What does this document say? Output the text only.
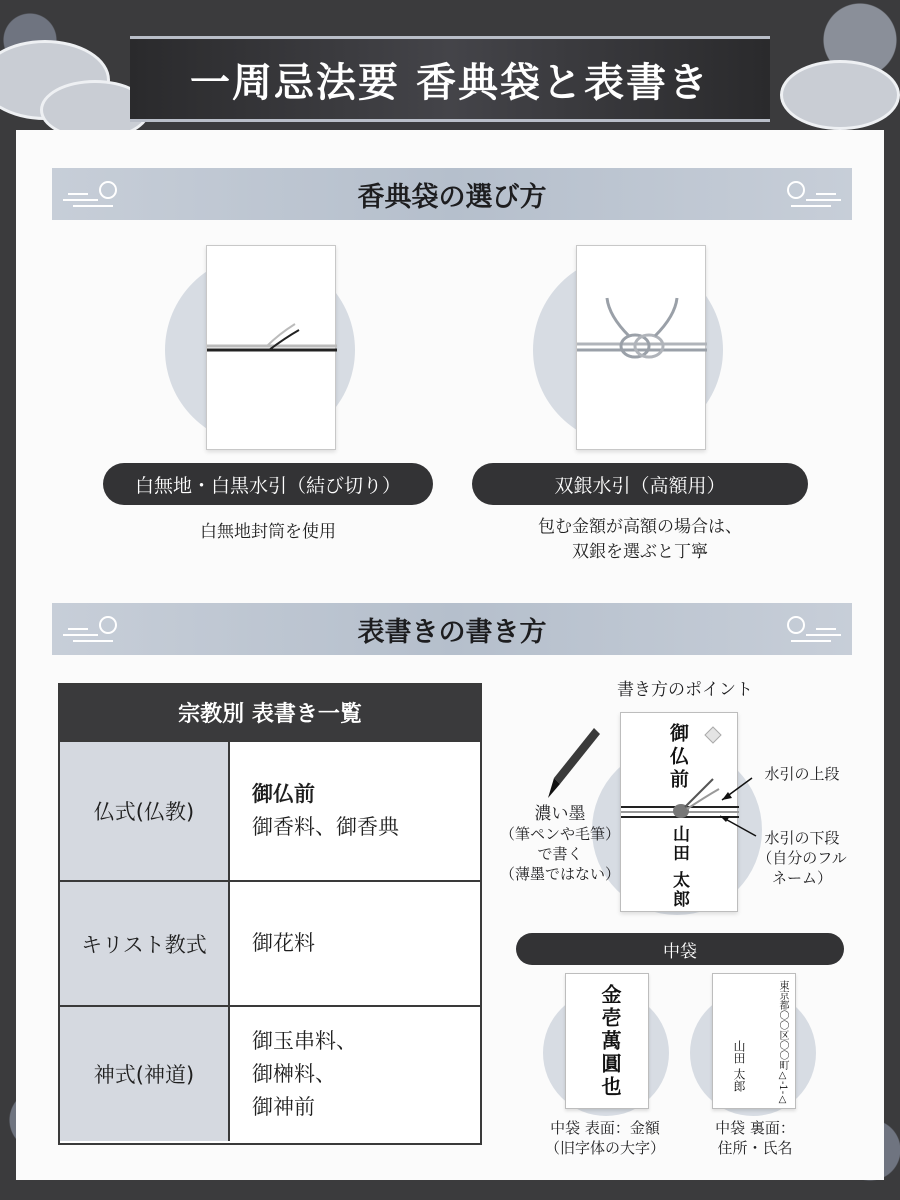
一周忌法要 香典袋と表書き
香典袋の選び方
白無地・白黒水引（結び切り）
白無地封筒を使用
双銀水引（高額用）
包む金額が高額の場合は、
双銀を選ぶと丁寧
表書きの書き方
宗教別 表書き一覧
仏式(仏教)
御仏前
御香料、御香典
キリスト教式	御花料
神式(神道)
御玉串料、
御榊料、
御神前
書き方のポイント
御仏前
山田 太郎
濃い墨
（筆ペンや毛筆）
で書く
（薄墨ではない）
水引の上段
水引の下段
（自分のフル
ネーム）
中袋
金壱萬圓也
中袋 表面：金額
（旧字体の大字）
東京都〇〇区〇〇町△-1-△
山田 太郎
中袋 裏面：
住所・氏名
